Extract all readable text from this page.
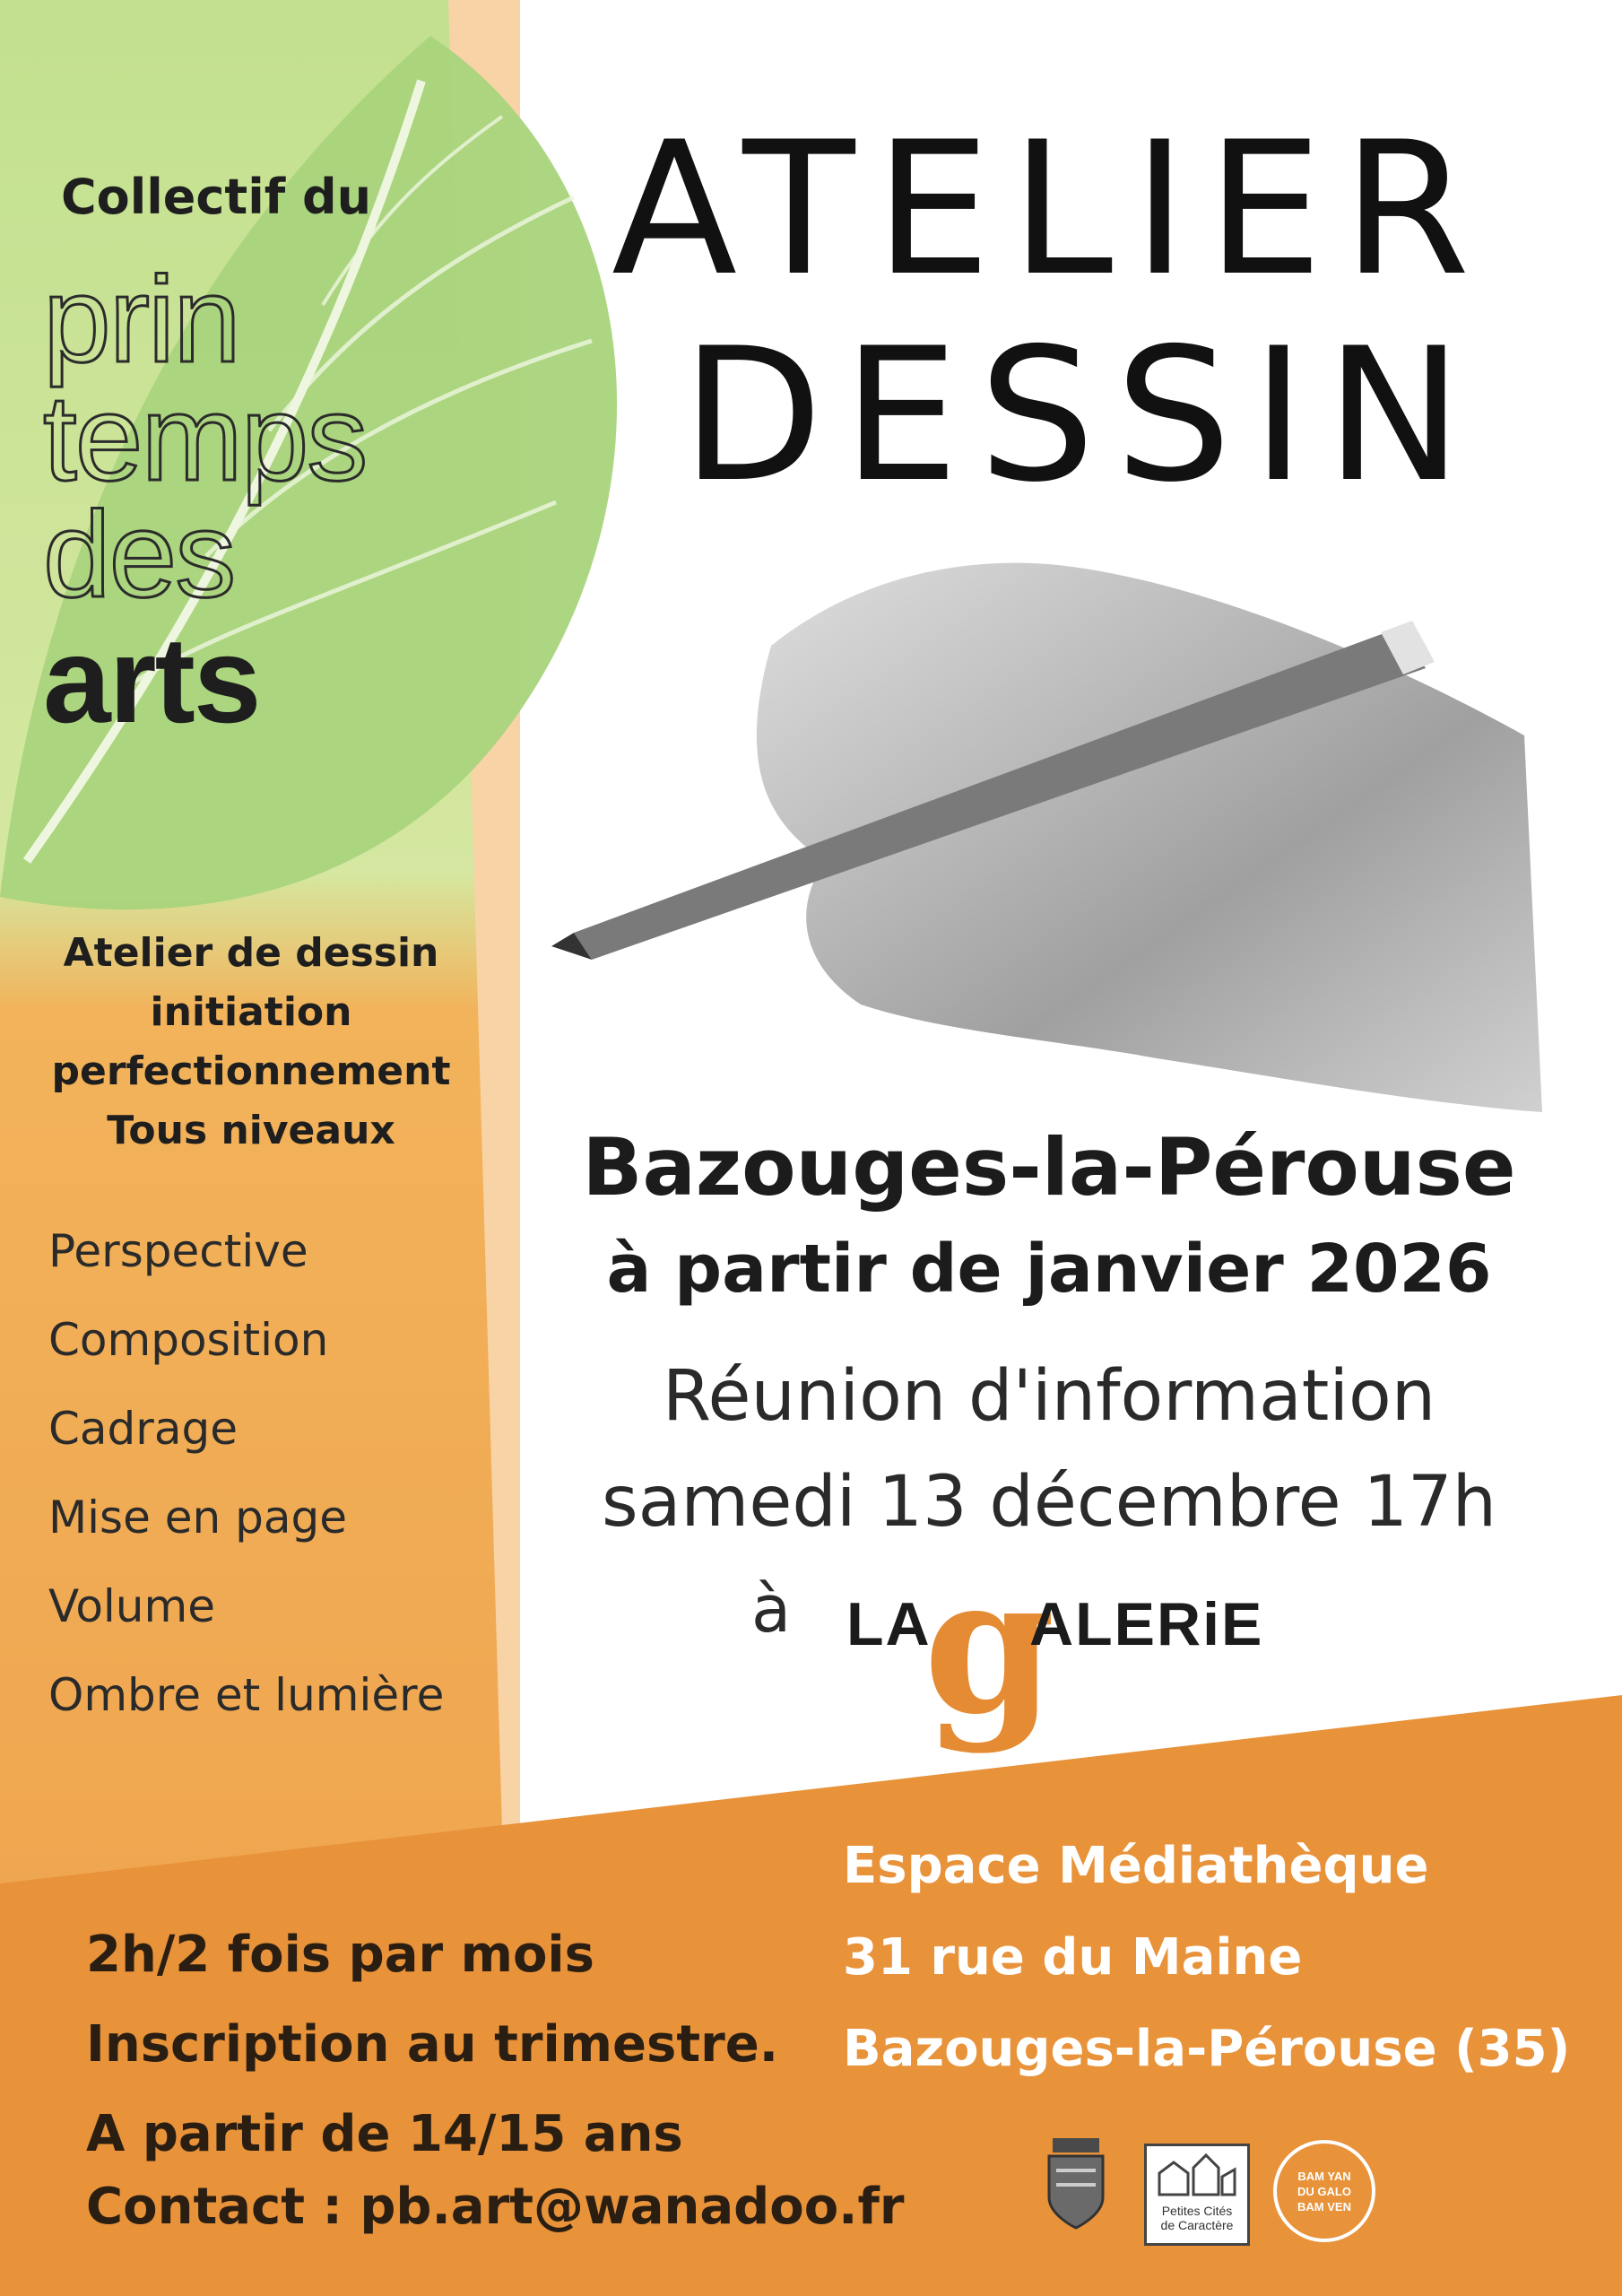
Collectif du
prin
temps
des
arts
ATELIER
DESSIN
Atelier de dessin
initiation
perfectionnement
Tous niveaux
Perspective
Composition
Cadrage
Mise en page
Volume
Ombre et lumière
Bazouges-la-Pérouse
à partir de janvier 2026
Réunion d'information
samedi 13 décembre 17h
à LA
g
ALERiE
Espace Médiathèque
31 rue du Maine
Bazouges-la-Pérouse (35)
2h/2 fois par mois
Inscription au trimestre.
A partir de 14/15 ans
Contact : pb.art@wanadoo.fr	Petites Cités
de Caractère
BAM YAN
DU GALO
BAM VEN
